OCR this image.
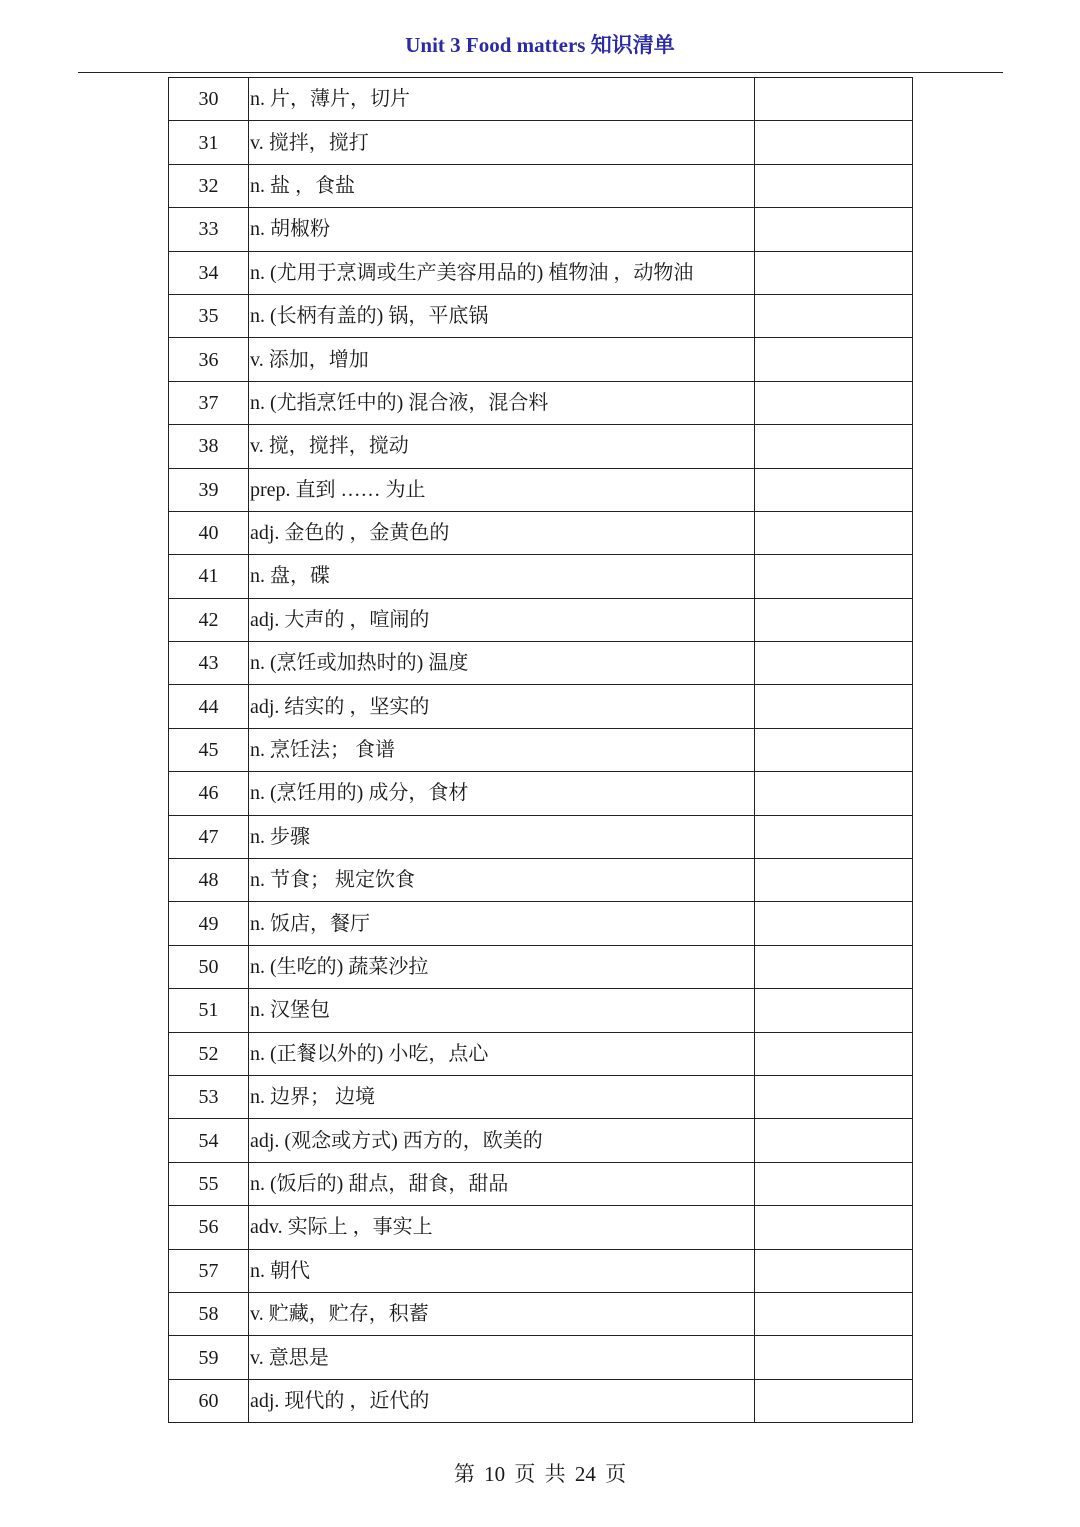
Unit 3 Food matters 知识清单
30	n. 片，薄片，切片	
31	v. 搅拌，搅打	
32	n. 盐 ，食盐	
33	n. 胡椒粉	
34	n. (尤用于烹调或生产美容用品的) 植物油 ，动物油	
35	n. (长柄有盖的) 锅，平底锅	
36	v. 添加，增加	
37	n. (尤指烹饪中的) 混合液，混合料	
38	v. 搅，搅拌，搅动	
39	prep. 直到 …… 为止	
40	adj. 金色的 ，金黄色的	
41	n. 盘，碟	
42	adj. 大声的 ，喧闹的	
43	n. (烹饪或加热时的) 温度	
44	adj. 结实的 ，坚实的	
45	n. 烹饪法； 食谱	
46	n. (烹饪用的) 成分，食材	
47	n. 步骤	
48	n. 节食； 规定饮食	
49	n. 饭店，餐厅	
50	n. (生吃的) 蔬菜沙拉	
51	n. 汉堡包	
52	n. (正餐以外的) 小吃，点心	
53	n. 边界； 边境	
54	adj. (观念或方式) 西方的，欧美的	
55	n. (饭后的) 甜点，甜食，甜品	
56	adv. 实际上 ，事实上	
57	n. 朝代	
58	v. 贮藏，贮存，积蓄	
59	v. 意思是	
60	adj. 现代的 ，近代的	
第 10 页 共 24 页
